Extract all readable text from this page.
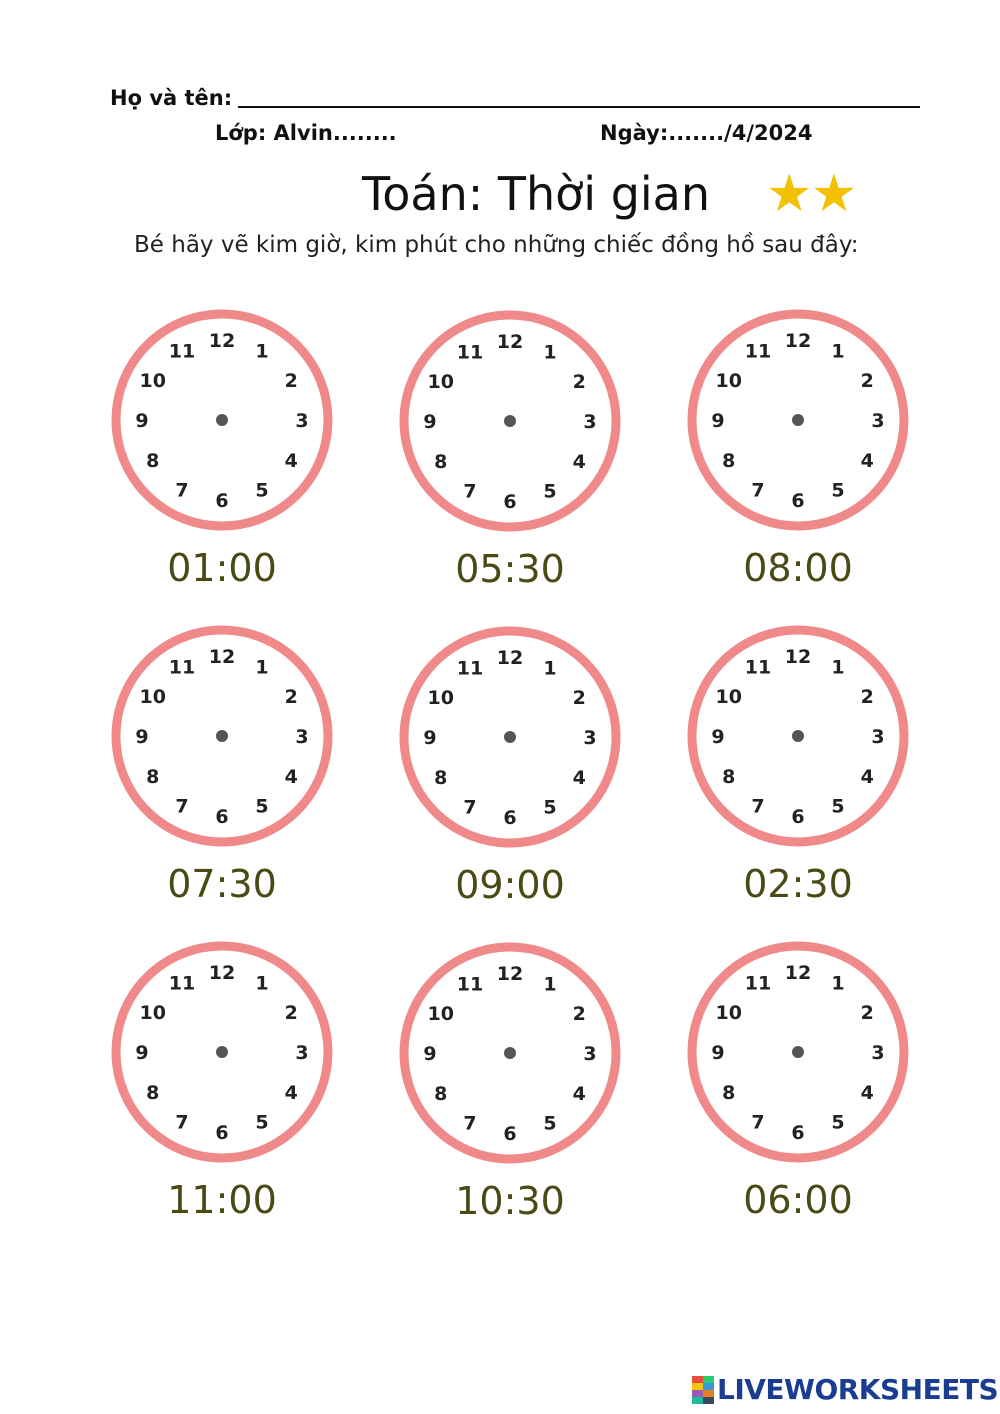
Họ và tên:
Lớp: Alvin........	Ngày:......./4/2024
Toán: Thời gian ★★
Bé hãy vẽ kim giờ, kim phút cho những chiếc đồng hồ sau đây:
12 1
2
3
4
5
6
7
8
9
10
11
01:00
12 1
2
3
4
5
6
7
8
9
10
11
05:30
12 1
2
3
4
5
6
7
8
9
10
11
08:00
12 1
2
3
4
5
6
7
8
9
10
11
07:30
12 1
2
3
4
5
6
7
8
9
10
11
09:00
12 1
2
3
4
5
6
7
8
9
10
11
02:30
12 1
2
3
4
5
6
7
8
9
10
11
11:00
12 1
2
3
4
5
6
7
8
9
10
11
10:30
12 1
2
3
4
5
6
7
8
9
10
11
06:00
LIVEWORKSHEETS
